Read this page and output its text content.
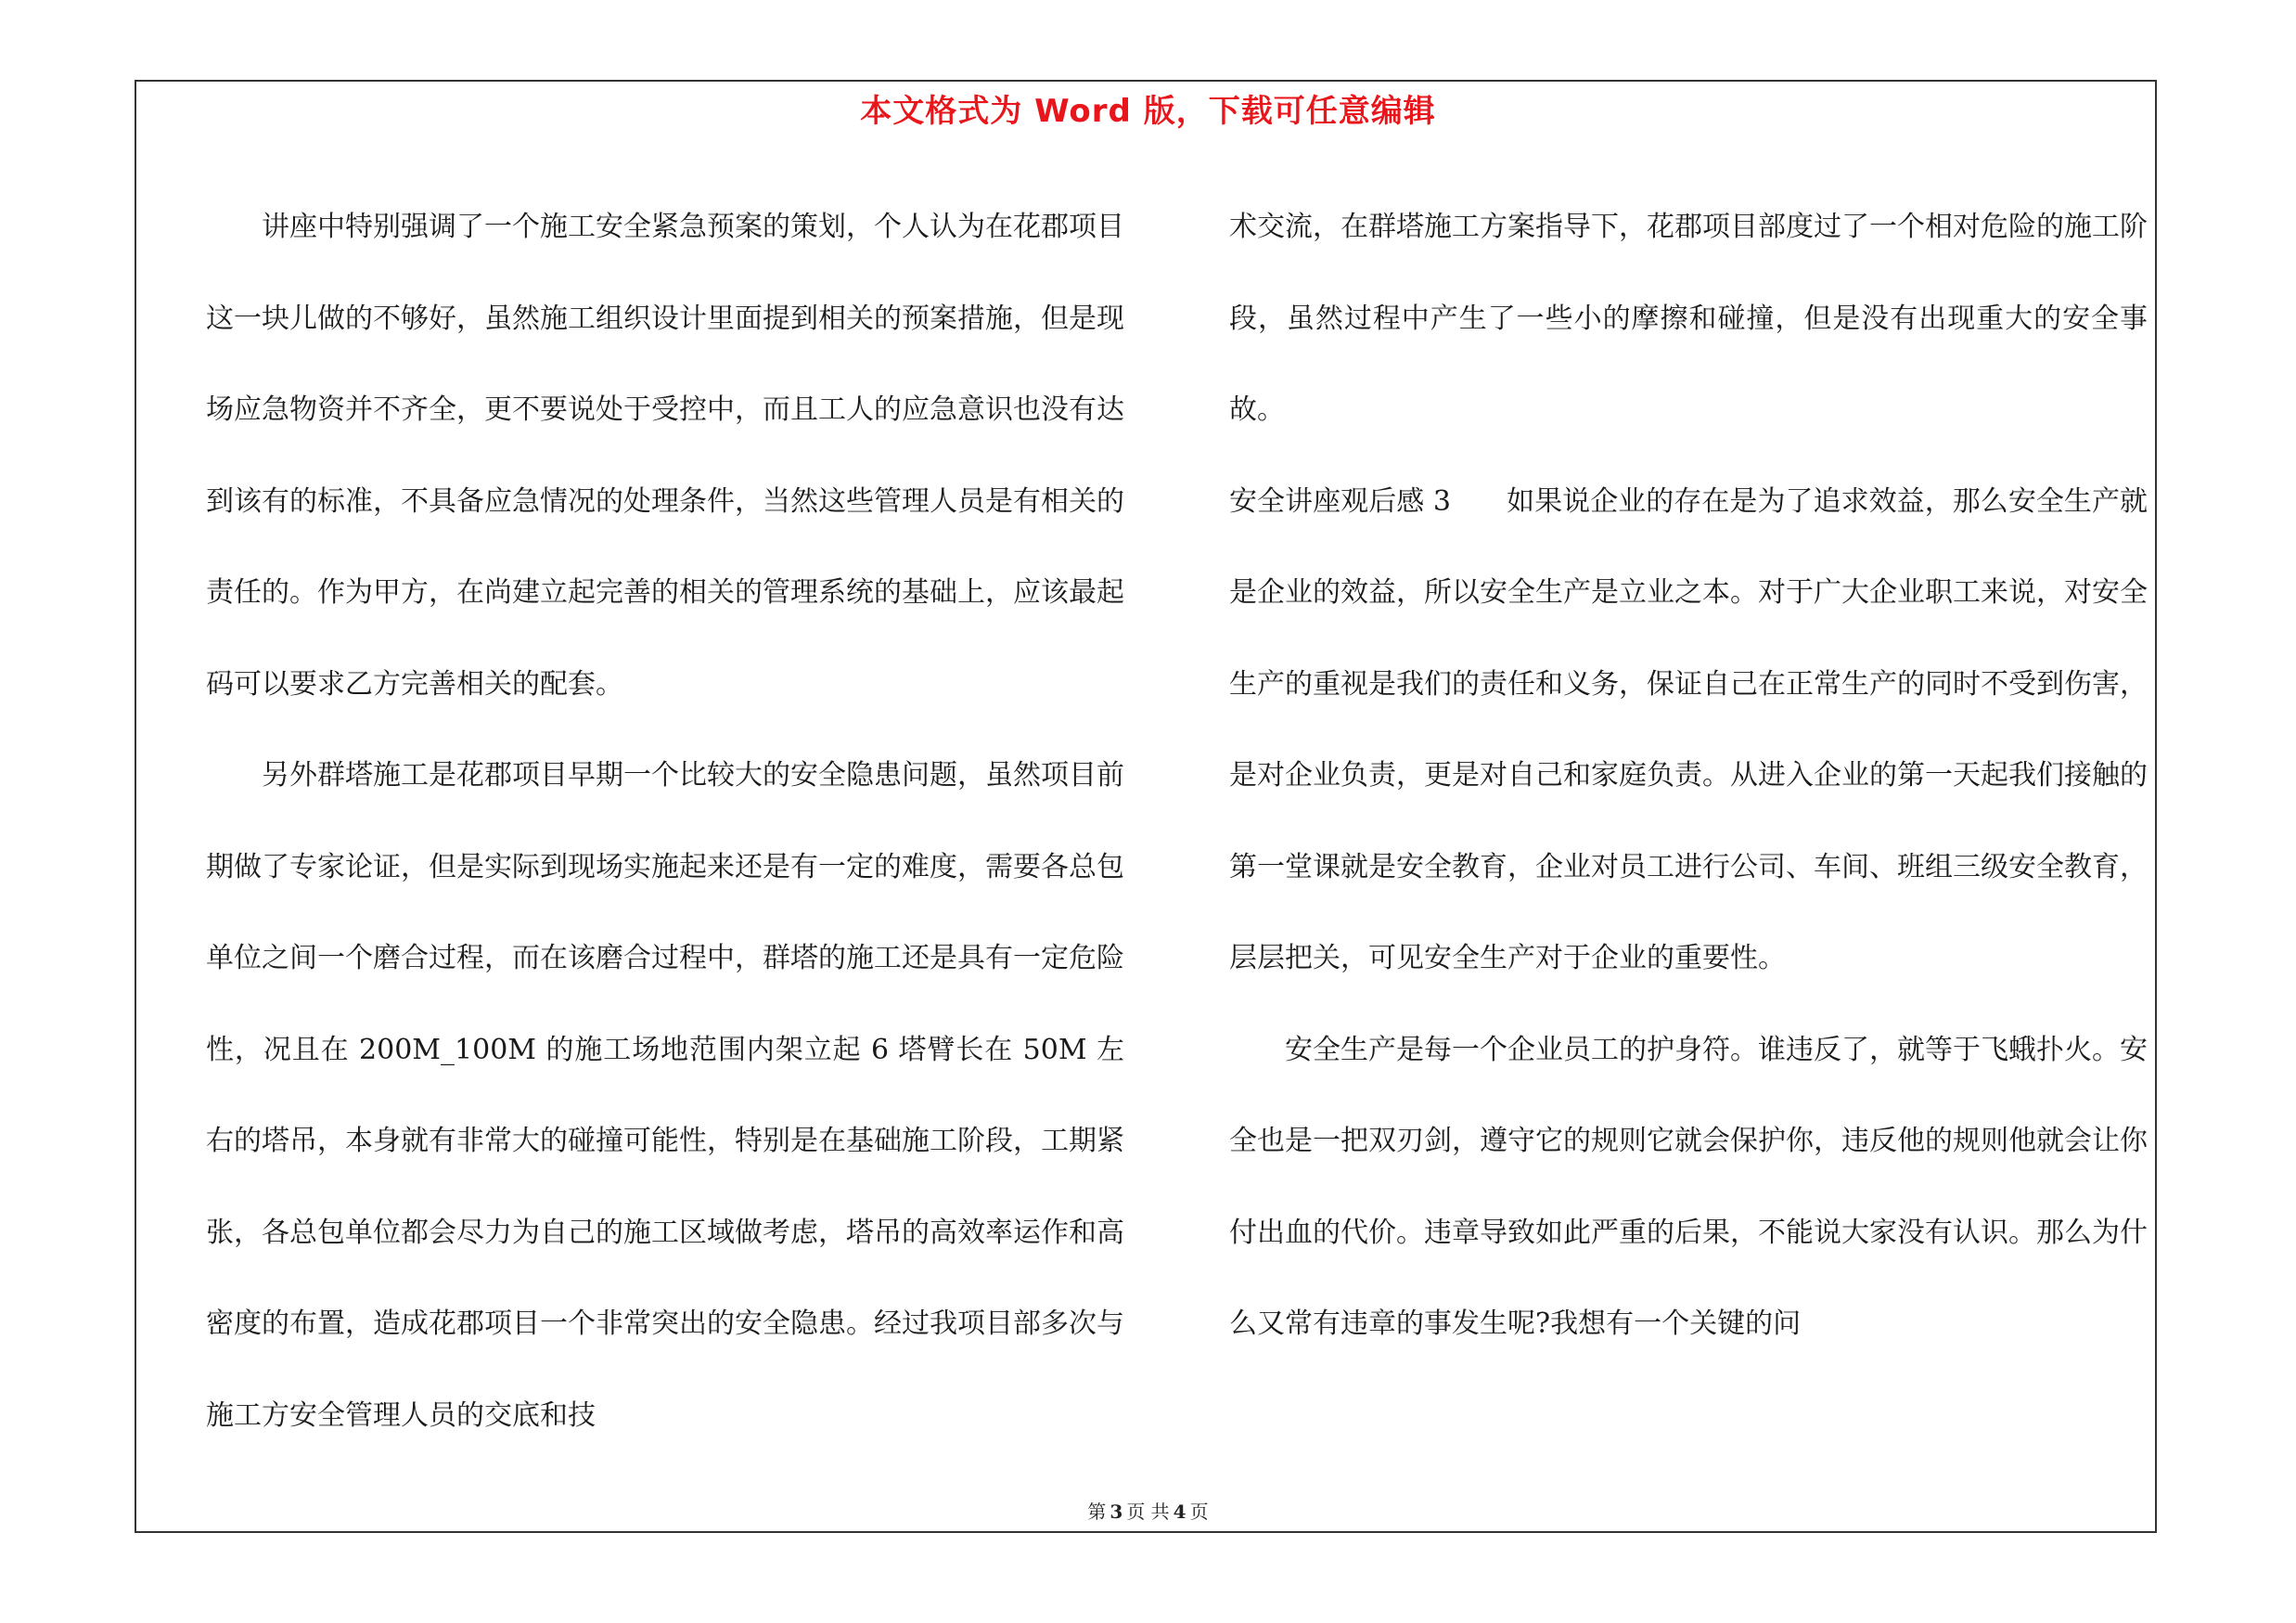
本文格式为 Word 版，下载可任意编辑

讲座中特别强调了一个施工安全紧急预案的策划，个人认为在花郡项目这一块儿做的不够好，虽然施工组织设计里面提到相关的预案措施，但是现场应急物资并不齐全，更不要说处于受控中，而且工人的应急意识也没有达到该有的标准，不具备应急情况的处理条件，当然这些管理人员是有相关的责任的。作为甲方，在尚建立起完善的相关的管理系统的基础上，应该最起码可以要求乙方完善相关的配套。

另外群塔施工是花郡项目早期一个比较大的安全隐患问题，虽然项目前期做了专家论证，但是实际到现场实施起来还是有一定的难度，需要各总包单位之间一个磨合过程，而在该磨合过程中，群塔的施工还是具有一定危险性，况且在 200M_100M 的施工场地范围内架立起 6 塔臂长在 50M 左右的塔吊，本身就有非常大的碰撞可能性，特别是在基础施工阶段，工期紧张，各总包单位都会尽力为自己的施工区域做考虑，塔吊的高效率运作和高密度的布置，造成花郡项目一个非常突出的安全隐患。经过我项目部多次与施工方安全管理人员的交底和技

术交流，在群塔施工方案指导下，花郡项目部度过了一个相对危险的施工阶段，虽然过程中产生了一些小的摩擦和碰撞，但是没有出现重大的安全事故。

安全讲座观后感 3　　如果说企业的存在是为了追求效益，那么安全生产就是企业的效益，所以安全生产是立业之本。对于广大企业职工来说，对安全生产的重视是我们的责任和义务，保证自己在正常生产的同时不受到伤害，是对企业负责，更是对自己和家庭负责。从进入企业的第一天起我们接触的第一堂课就是安全教育，企业对员工进行公司、车间、班组三级安全教育，层层把关，可见安全生产对于企业的重要性。

安全生产是每一个企业员工的护身符。谁违反了，就等于飞蛾扑火。安全也是一把双刃剑，遵守它的规则它就会保护你，违反他的规则他就会让你付出血的代价。违章导致如此严重的后果，不能说大家没有认识。那么为什么又常有违章的事发生呢?我想有一个关键的问

第 3 页 共 4 页
